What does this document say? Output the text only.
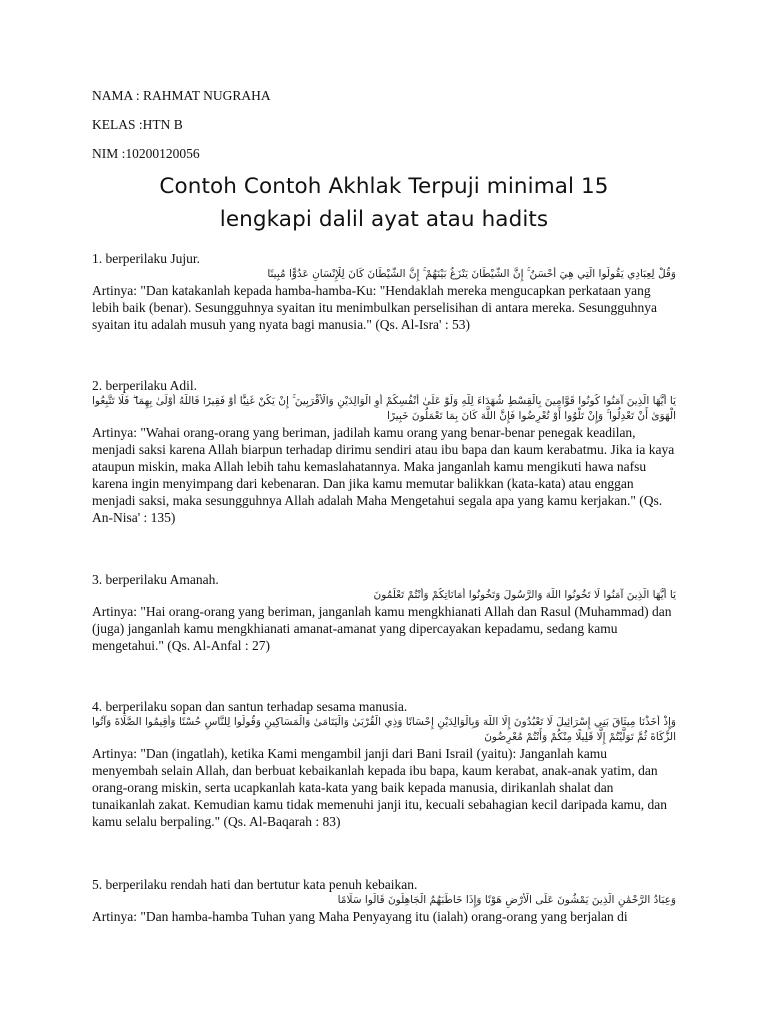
NAMA : RAHMAT NUGRAHA
KELAS :HTN B
NIM :10200120056
Contoh Contoh Akhlak Terpuji minimal 15
lengkapi dalil ayat atau hadits
1. berperilaku Jujur.
وَقُلْ لِعِبَادِي يَقُولُوا الَّتِي هِيَ أَحْسَنُ ۚ إِنَّ الشَّيْطَانَ يَنْزَغُ بَيْنَهُمْ ۚ إِنَّ الشَّيْطَانَ كَانَ لِلْإِنْسَانِ عَدُوًّا مُبِينًا
Artinya: "Dan katakanlah kepada hamba-hamba-Ku: "Hendaklah mereka mengucapkan perkataan yang lebih baik (benar). Sesungguhnya syaitan itu menimbulkan perselisihan di antara mereka. Sesungguhnya syaitan itu adalah musuh yang nyata bagi manusia." (Qs. Al-Isra' : 53)
2. berperilaku Adil.
يَا أَيُّهَا الَّذِينَ آمَنُوا كُونُوا قَوَّامِينَ بِالْقِسْطِ شُهَدَاءَ لِلَّهِ وَلَوْ عَلَىٰ أَنْفُسِكُمْ أَوِ الْوَالِدَيْنِ وَالْأَقْرَبِينَ ۚ إِنْ يَكُنْ غَنِيًّا أَوْ فَقِيرًا فَاللَّهُ أَوْلَىٰ بِهِمَا ۖ فَلَا تَتَّبِعُوا الْهَوَىٰ أَنْ تَعْدِلُوا ۚ وَإِنْ تَلْوُوا أَوْ تُعْرِضُوا فَإِنَّ اللَّهَ كَانَ بِمَا تَعْمَلُونَ خَبِيرًا
Artinya: "Wahai orang-orang yang beriman, jadilah kamu orang yang benar-benar penegak keadilan, menjadi saksi karena Allah biarpun terhadap dirimu sendiri atau ibu bapa dan kaum kerabatmu. Jika ia kaya ataupun miskin, maka Allah lebih tahu kemaslahatannya. Maka janganlah kamu mengikuti hawa nafsu karena ingin menyimpang dari kebenaran. Dan jika kamu memutar balikkan (kata-kata) atau enggan menjadi saksi, maka sesungguhnya Allah adalah Maha Mengetahui segala apa yang kamu kerjakan." (Qs. An-Nisa' : 135)
3. berperilaku Amanah.
يَا أَيُّهَا الَّذِينَ آمَنُوا لَا تَخُونُوا اللَّهَ وَالرَّسُولَ وَتَخُونُوا أَمَانَاتِكُمْ وَأَنْتُمْ تَعْلَمُونَ
Artinya: "Hai orang-orang yang beriman, janganlah kamu mengkhianati Allah dan Rasul (Muhammad) dan (juga) janganlah kamu mengkhianati amanat-amanat yang dipercayakan kepadamu, sedang kamu mengetahui." (Qs. Al-Anfal : 27)
4. berperilaku sopan dan santun terhadap sesama manusia.
وَإِذْ أَخَذْنَا مِيثَاقَ بَنِي إِسْرَائِيلَ لَا تَعْبُدُونَ إِلَّا اللَّهَ وَبِالْوَالِدَيْنِ إِحْسَانًا وَذِي الْقُرْبَىٰ وَالْيَتَامَىٰ وَالْمَسَاكِينِ وَقُولُوا لِلنَّاسِ حُسْنًا وَأَقِيمُوا الصَّلَاةَ وَآتُوا الزَّكَاةَ ثُمَّ تَوَلَّيْتُمْ إِلَّا قَلِيلًا مِنْكُمْ وَأَنْتُمْ مُعْرِضُونَ
Artinya: "Dan (ingatlah), ketika Kami mengambil janji dari Bani Israil (yaitu): Janganlah kamu menyembah selain Allah, dan berbuat kebaikanlah kepada ibu bapa, kaum kerabat, anak-anak yatim, dan orang-orang miskin, serta ucapkanlah kata-kata yang baik kepada manusia, dirikanlah shalat dan tunaikanlah zakat. Kemudian kamu tidak memenuhi janji itu, kecuali sebahagian kecil daripada kamu, dan kamu selalu berpaling." (Qs. Al-Baqarah : 83)
5. berperilaku rendah hati dan bertutur kata penuh kebaikan.
وَعِبَادُ الرَّحْمَٰنِ الَّذِينَ يَمْشُونَ عَلَى الْأَرْضِ هَوْنًا وَإِذَا خَاطَبَهُمُ الْجَاهِلُونَ قَالُوا سَلَامًا
Artinya: "Dan hamba-hamba Tuhan yang Maha Penyayang itu (ialah) orang-orang yang berjalan di
